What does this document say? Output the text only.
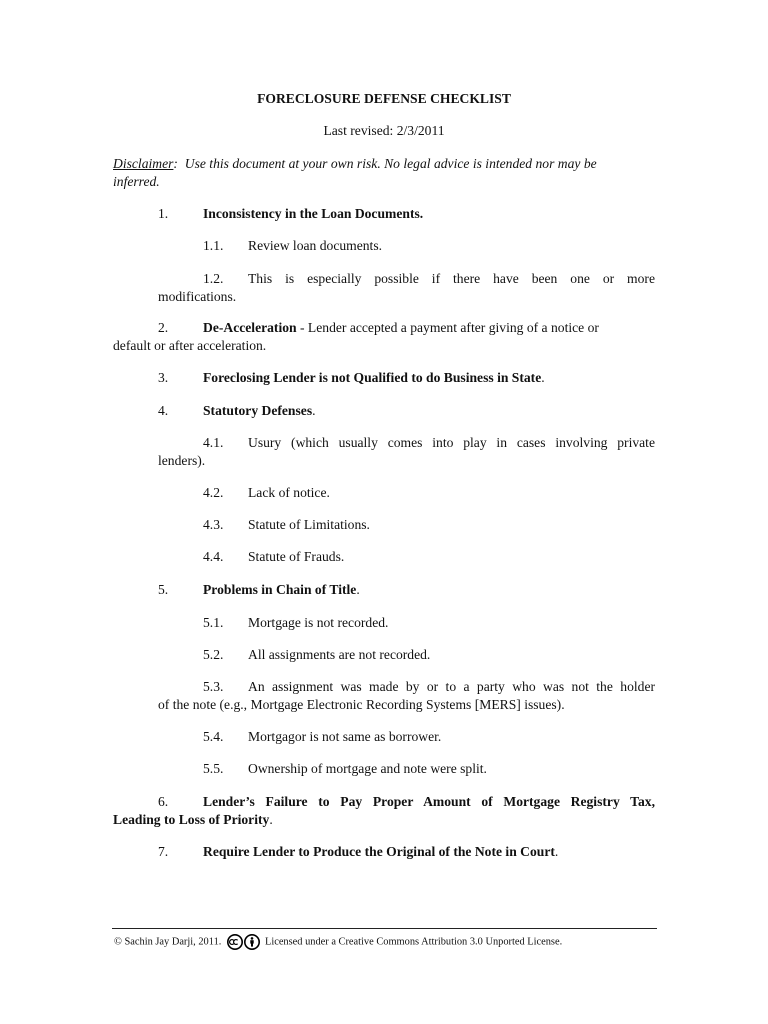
FORECLOSURE DEFENSE CHECKLIST
Last revised: 2/3/2011
Disclaimer: Use this document at your own risk. No legal advice is intended nor may be
inferred.
1.	Inconsistency in the Loan Documents.
1.1. Review loan documents.
1.2. This is especially possible if there have been one or more
modifications.
2.	De-Acceleration - Lender accepted a payment after giving of a notice or
default or after acceleration.
3.	Foreclosing Lender is not Qualified to do Business in State.
4.	Statutory Defenses.
4.1. Usury (which usually comes into play in cases involving private
lenders).
4.2. Lack of notice.
4.3. Statute of Limitations.
4.4. Statute of Frauds.
5.	Problems in Chain of Title.
5.1. Mortgage is not recorded.
5.2. All assignments are not recorded.
5.3. An assignment was made by or to a party who was not the holder
of the note (e.g., Mortgage Electronic Recording Systems [MERS] issues).
5.4. Mortgagor is not same as borrower.
5.5. Ownership of mortgage and note were split.
6.	Lender’s Failure to Pay Proper Amount of Mortgage Registry Tax,
Leading to Loss of Priority.
7.	Require Lender to Produce the Original of the Note in Court.
© Sachin Jay Darji, 2011.	Licensed under a Creative Commons Attribution 3.0 Unported License.
